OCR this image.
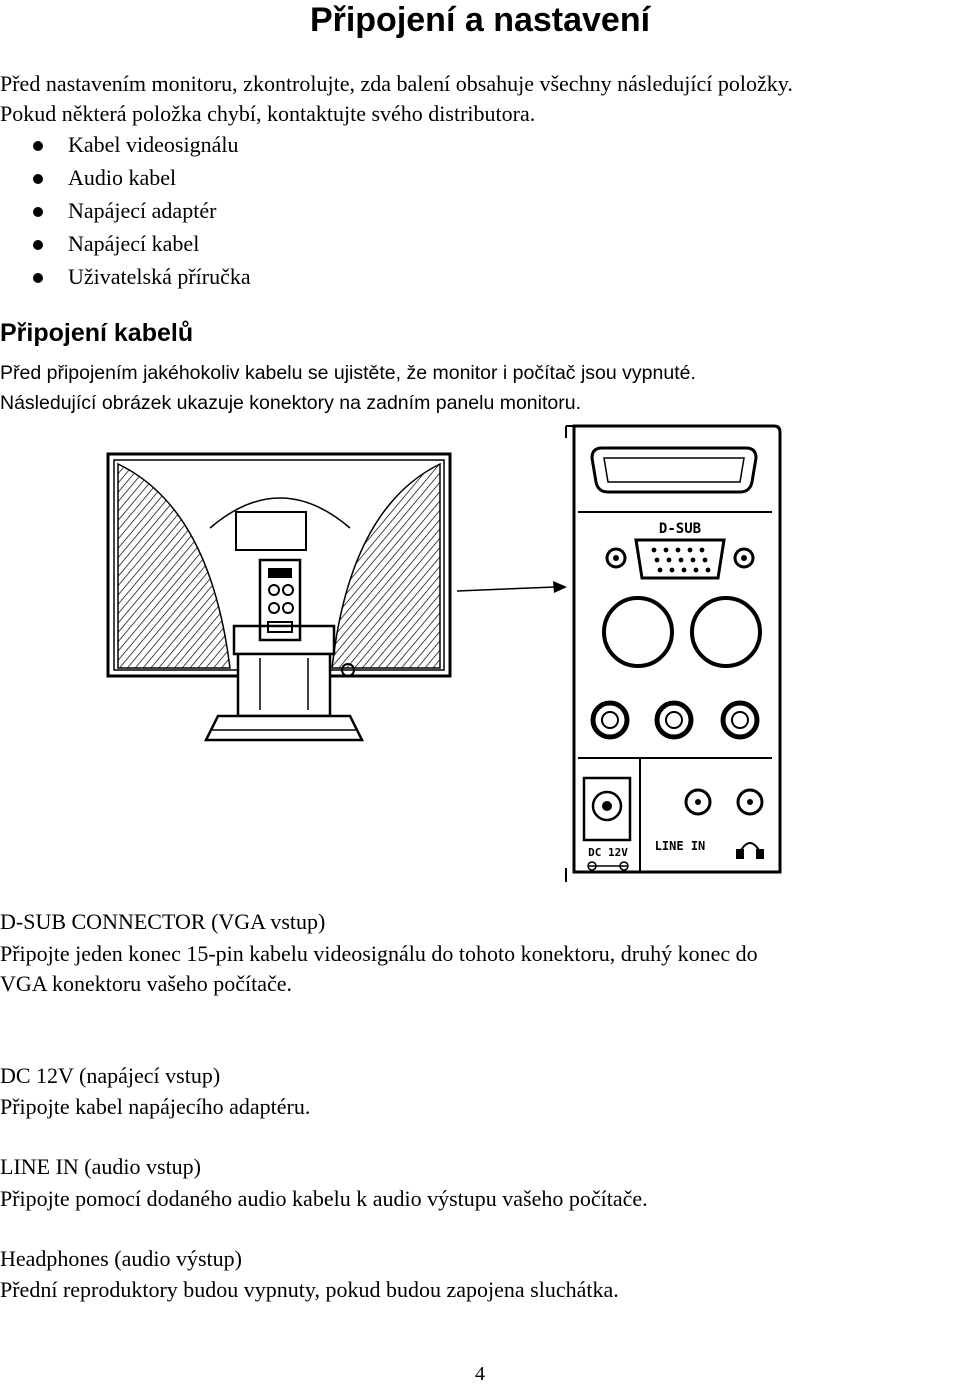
Připojení a nastavení
Před nastavením monitoru, zkontrolujte, zda balení obsahuje všechny následující položky.
Pokud některá položka chybí, kontaktujte svého distributora.
Kabel videosignálu
Audio kabel
Napájecí adaptér
Napájecí kabel
Uživatelská příručka
Připojení kabelů
Před připojením jakéhokoliv kabelu se ujistěte, že monitor i počítač jsou vypnuté.
Následující obrázek ukazuje konektory na zadním panelu monitoru.
D-SUB
DC 12V LINE IN
D-SUB CONNECTOR (VGA vstup)
Připojte jeden konec 15-pin kabelu videosignálu do tohoto konektoru, druhý konec do
VGA konektoru vašeho počítače.
DC 12V (napájecí vstup)
Připojte kabel napájecího adaptéru.
LINE IN (audio vstup)
Připojte pomocí dodaného audio kabelu k audio výstupu vašeho počítače.
Headphones (audio výstup)
Přední reproduktory budou vypnuty, pokud budou zapojena sluchátka.
4
